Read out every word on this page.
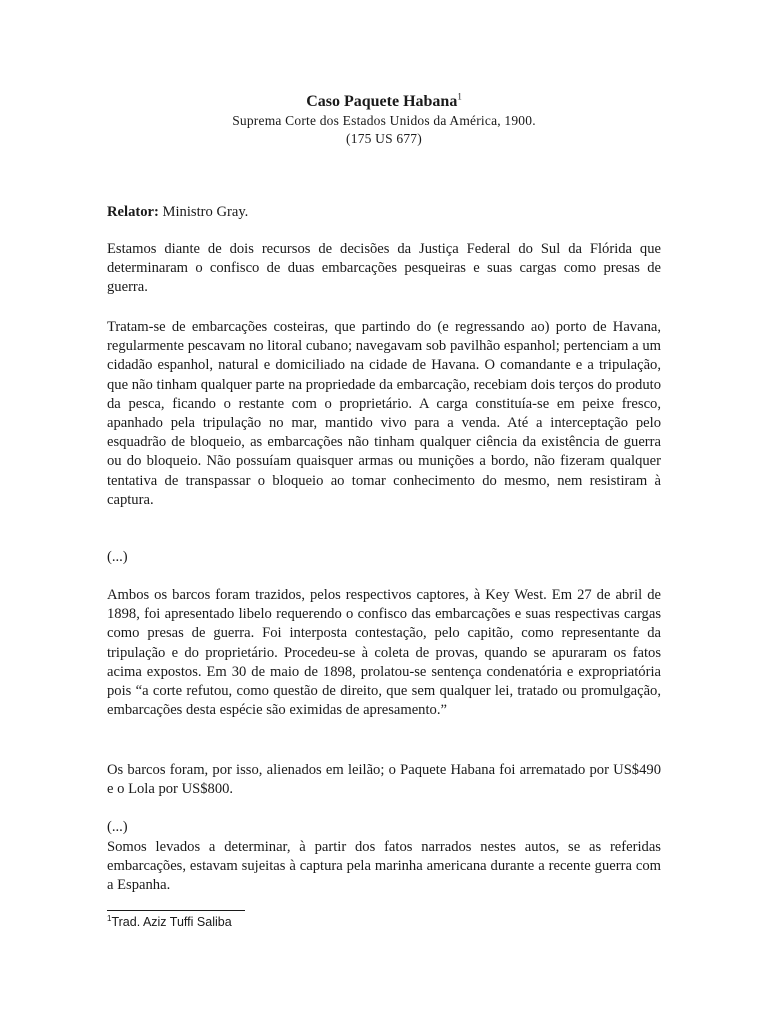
Caso Paquete Habana$^1$

Suprema Corte dos Estados Unidos da América, 1900.

(175 US 677)

Relator: Ministro Gray.

Estamos diante de dois recursos de decisões da Justiça Federal do Sul da Flórida que determinaram o confisco de duas embarcações pesqueiras e suas cargas como presas de guerra.

Tratam-se de embarcações costeiras, que partindo do (e regressando ao) porto de Havana, regularmente pescavam no litoral cubano; navegavam sob pavilhão espanhol; pertenciam a um cidadão espanhol, natural e domiciliado na cidade de Havana. O comandante e a tripulação, que não tinham qualquer parte na propriedade da embarcação, recebiam dois terços do produto da pesca, ficando o restante com o proprietário. A carga constituía-se em peixe fresco, apanhado pela tripulação no mar, mantido vivo para a venda. Até a interceptação pelo esquadrão de bloqueio, as embarcações não tinham qualquer ciência da existência de guerra ou do bloqueio. Não possuíam quaisquer armas ou munições a bordo, não fizeram qualquer tentativa de transpassar o bloqueio ao tomar conhecimento do mesmo, nem resistiram à captura.

(...)

Ambos os barcos foram trazidos, pelos respectivos captores, à Key West. Em 27 de abril de 1898, foi apresentado libelo requerendo o confisco das embarcações e suas respectivas cargas como presas de guerra. Foi interposta contestação, pelo capitão, como representante da tripulação e do proprietário. Procedeu-se à coleta de provas, quando se apuraram os fatos acima expostos. Em 30 de maio de 1898, prolatou-se sentença condenatória e expropriatória pois “a corte refutou, como questão de direito, que sem qualquer lei, tratado ou promulgação, embarcações desta espécie são eximidas de apresamento.”

Os barcos foram, por isso, alienados em leilão; o Paquete Habana foi arrematado por US$490 e o Lola por US$800.

(...)

Somos levados a determinar, à partir dos fatos narrados nestes autos, se as referidas embarcações, estavam sujeitas à captura pela marinha americana durante a recente guerra com a Espanha.

$^1$Trad. Aziz Tuffi Saliba
